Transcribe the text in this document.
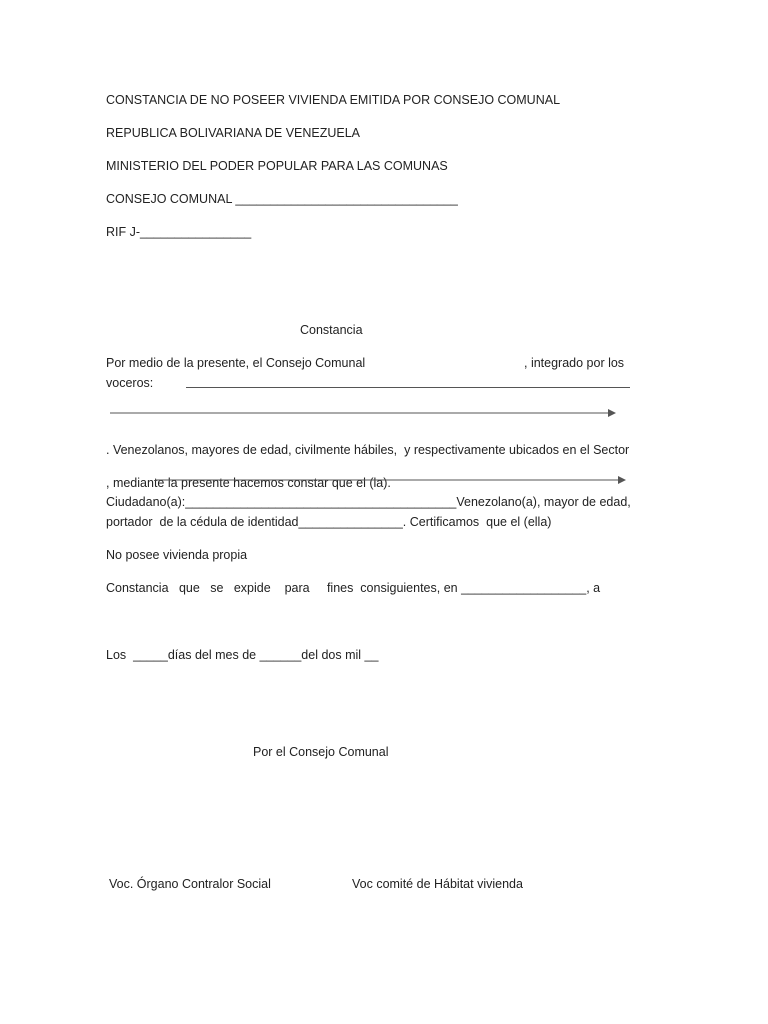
CONSTANCIA DE NO POSEER VIVIENDA EMITIDA POR CONSEJO COMUNAL
REPUBLICA BOLIVARIANA DE VENEZUELA
MINISTERIO DEL PODER POPULAR PARA LAS COMUNAS
CONSEJO COMUNAL ________________________________
RIF J-________________
Constancia
Por medio de la presente, el Consejo Comunal	, integrado por los
voceros:
. Venezolanos, mayores de edad, civilmente hábiles,  y respectivamente ubicados en el Sector
, mediante la presente hacemos constar que el (la).
Ciudadano(a):_______________________________________Venezolano(a), mayor de edad,
portador  de la cédula de identidad_______________. Certificamos  que el (ella)
No posee vivienda propia
Constancia   que   se   expide    para     fines  consiguientes, en __________________, a
Los  _____días del mes de ______del dos mil __
Por el Consejo Comunal
Voc. Órgano Contralor Social	Voc comité de Hábitat vivienda
